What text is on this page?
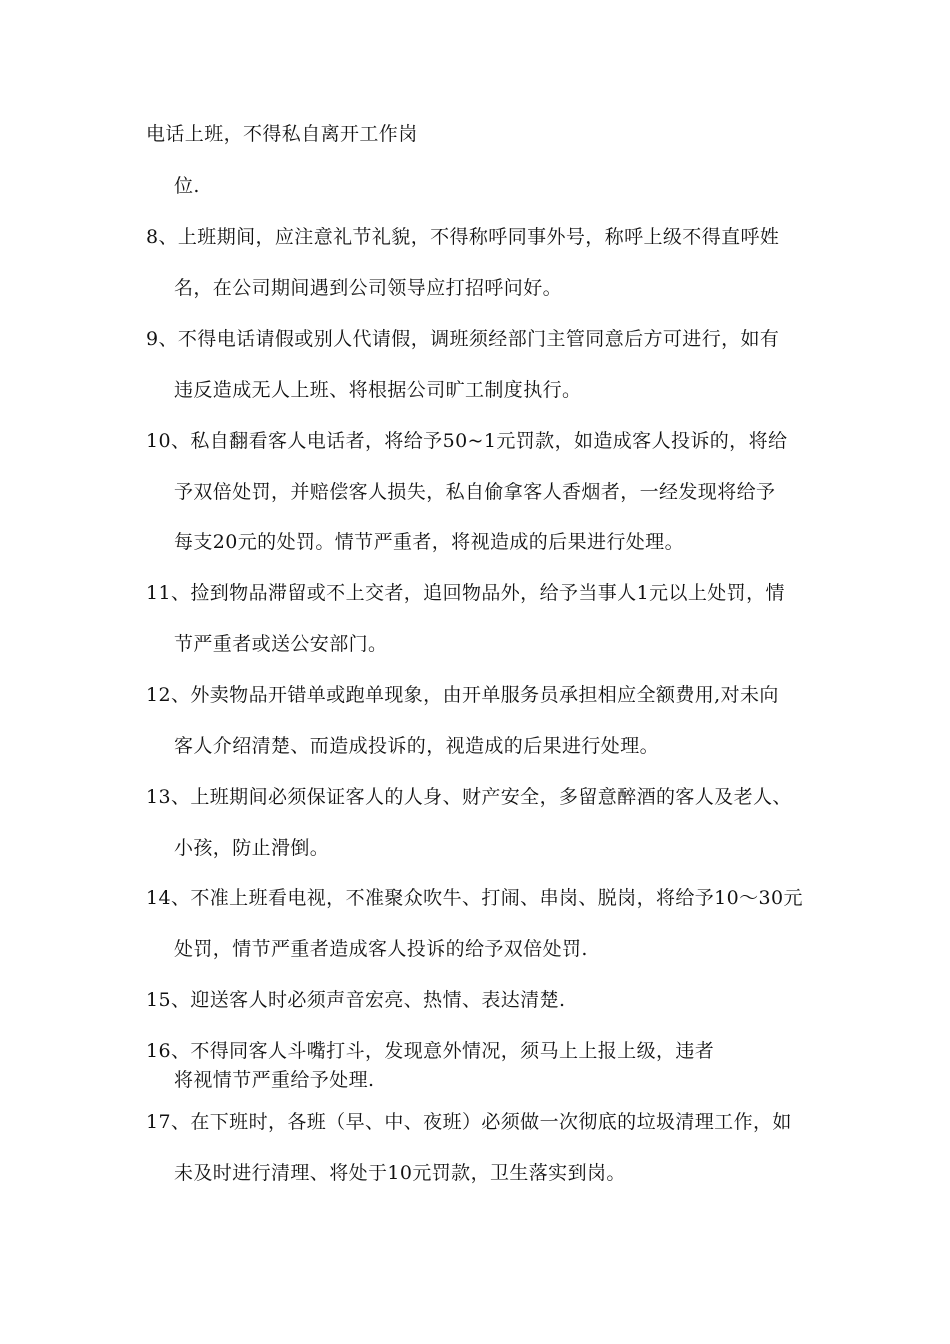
电话上班，不得私自离开工作岗
位.
8、上班期间，应注意礼节礼貌，不得称呼同事外号，称呼上级不得直呼姓
名，在公司期间遇到公司领导应打招呼问好。
9、不得电话请假或别人代请假，调班须经部门主管同意后方可进行，如有
违反造成无人上班、将根据公司旷工制度执行。
10、私自翻看客人电话者，将给予50~1元罚款，如造成客人投诉的，将给
予双倍处罚，并赔偿客人损失，私自偷拿客人香烟者，一经发现将给予
每支20元的处罚。情节严重者，将视造成的后果进行处理。
11、捡到物品滞留或不上交者，追回物品外，给予当事人1元以上处罚，情
节严重者或送公安部门。
12、外卖物品开错单或跑单现象，由开单服务员承担相应全额费用,对未向
客人介绍清楚、而造成投诉的，视造成的后果进行处理。
13、上班期间必须保证客人的人身、财产安全，多留意醉酒的客人及老人、
小孩，防止滑倒。
14、不准上班看电视，不准聚众吹牛、打闹、串岗、脱岗，将给予10〜30元
处罚，情节严重者造成客人投诉的给予双倍处罚.
15、迎送客人时必须声音宏亮、热情、表达清楚.
16、不得同客人斗嘴打斗，发现意外情况，须马上上报上级，违者
将视情节严重给予处理.
17、在下班时，各班（早、中、夜班）必须做一次彻底的垃圾清理工作，如
未及时进行清理、将处于10元罚款，卫生落实到岗。
